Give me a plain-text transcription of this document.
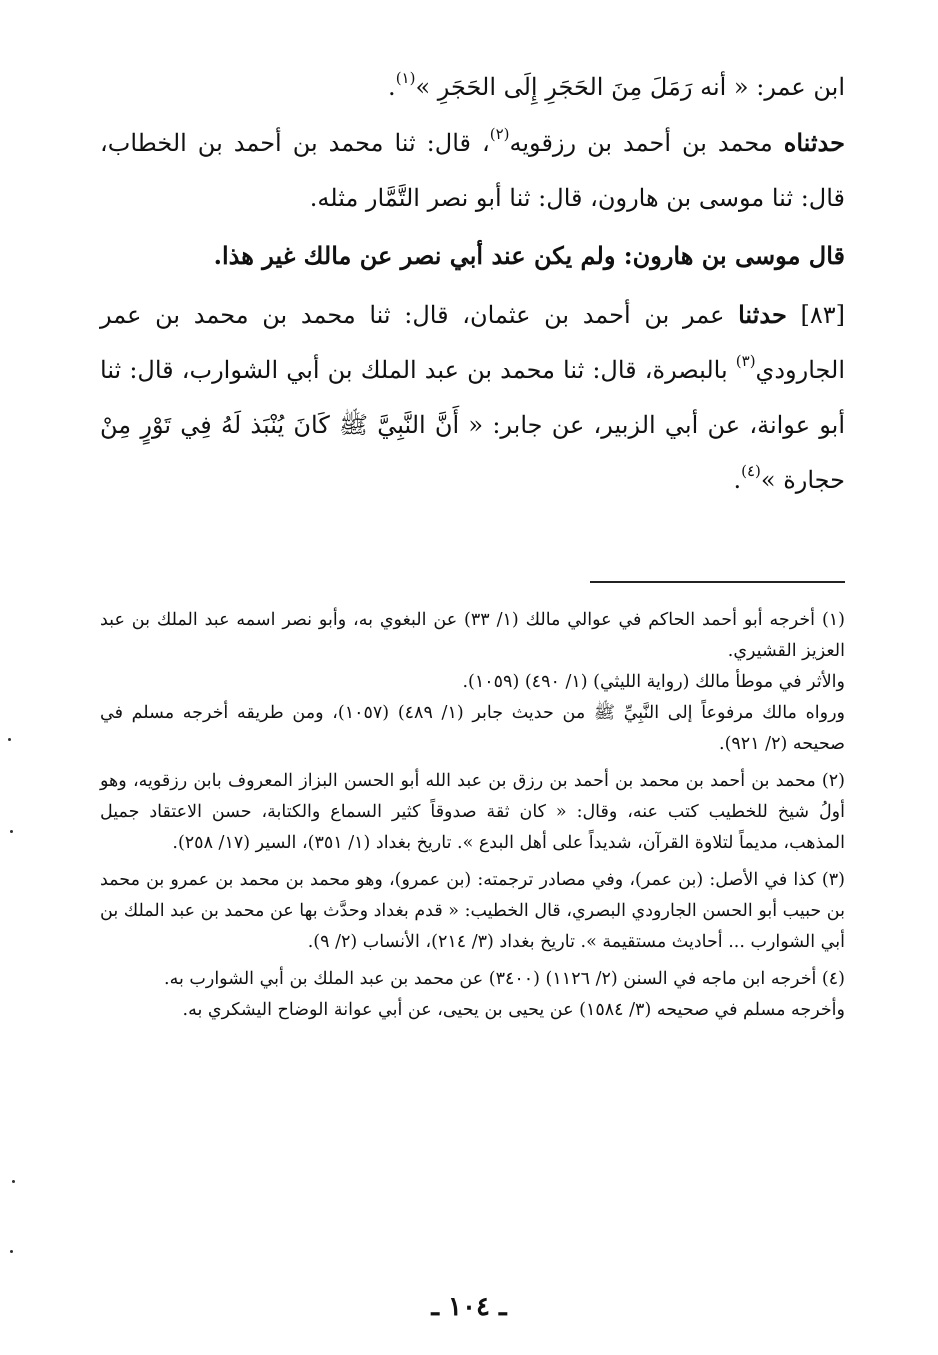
ابن عمر: « أنه رَمَلَ مِنَ الحَجَرِ إِلَى الحَجَرِ »$^{(١)}$.

حدثناه محمد بن أحمد بن رزقويه$^{(٢)}$، قال: ثنا محمد بن أحمد بن الخطاب، قال: ثنا موسى بن هارون، قال: ثنا أبو نصر التَّمَّار مثله.

قال موسى بن هارون: ولم يكن عند أبي نصر عن مالك غير هذا.

[٨٣] حدثنا عمر بن أحمد بن عثمان، قال: ثنا محمد بن محمد بن عمر الجارودي$^{(٣)}$ بالبصرة، قال: ثنا محمد بن عبد الملك بن أبي الشوارب، قال: ثنا أبو عوانة، عن أبي الزبير، عن جابر: « أَنَّ النَّبِيَّ ﷺ كَانَ يُنْبَذ لَهُ فِي تَوْرٍ مِنْ حجارة »$^{(٤)}$.

(١) أخرجه أبو أحمد الحاكم في عوالي مالك (١/ ٣٣) عن البغوي به، وأبو نصر اسمه عبد الملك بن عبد العزيز القشيري.
والأثر في موطأ مالك (رواية الليثي) (١/ ٤٩٠) (١٠٥٩).
ورواه مالك مرفوعاً إلى النَّبِيِّ ﷺ من حديث جابر (١/ ٤٨٩) (١٠٥٧)، ومن طريقه أخرجه مسلم في صحيحه (٢/ ٩٢١).
(٢) محمد بن أحمد بن محمد بن أحمد بن رزق بن عبد الله أبو الحسن البزاز المعروف بابن رزقويه، وهو أولُ شيخ للخطيب كتب عنه، وقال: « كان ثقة صدوقاً كثير السماع والكتابة، حسن الاعتقاد جميل المذهب، مديماً لتلاوة القرآن، شديداً على أهل البدع ». تاريخ بغداد (١/ ٣٥١)، السير (١٧/ ٢٥٨).
(٣) كذا في الأصل: (بن عمر)، وفي مصادر ترجمته: (بن عمرو)، وهو محمد بن محمد بن عمرو بن محمد بن حبيب أبو الحسن الجارودي البصري، قال الخطيب: « قدم بغداد وحدَّث بها عن محمد بن عبد الملك بن أبي الشوارب ... أحاديث مستقيمة ». تاريخ بغداد (٣/ ٢١٤)، الأنساب (٢/ ٩).
(٤) أخرجه ابن ماجه في السنن (٢/ ١١٢٦) (٣٤٠٠) عن محمد بن عبد الملك بن أبي الشوارب به.
وأخرجه مسلم في صحيحه (٣/ ١٥٨٤) عن يحيى بن يحيى، عن أبي عوانة الوضاح اليشكري به.
ـ ١٠٤ ـ
